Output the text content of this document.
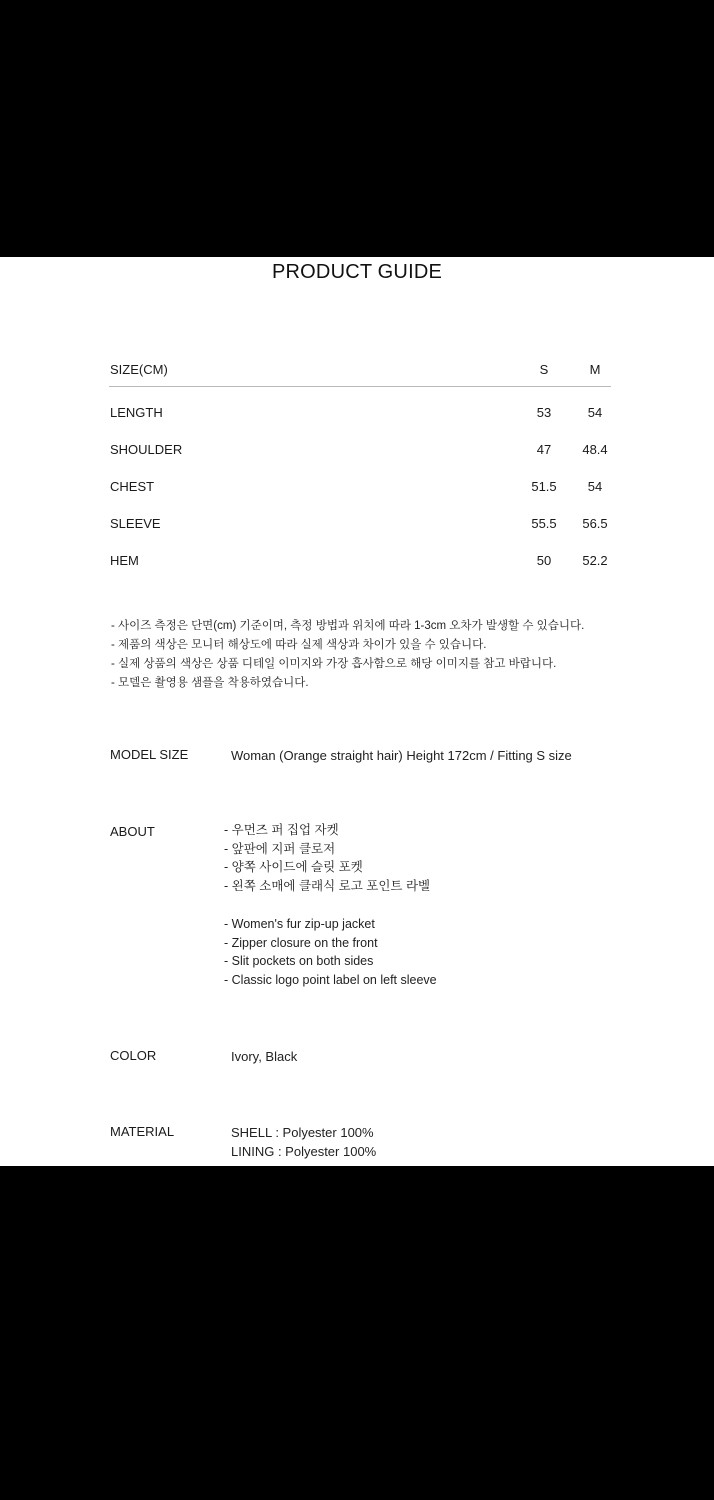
PRODUCT GUIDE
SIZE(CM)	S	M
LENGTH	53	54
SHOULDER	47	48.4
CHEST	51.5	54
SLEEVE	55.5	56.5
HEM	50	52.2
- 사이즈 측정은 단면(cm) 기준이며, 측정 방법과 위치에 따라 1-3cm 오차가 발생할 수 있습니다.
- 제품의 색상은 모니터 해상도에 따라 실제 색상과 차이가 있을 수 있습니다.
- 실제 상품의 색상은 상품 디테일 이미지와 가장 흡사함으로 해당 이미지를 참고 바랍니다.
- 모델은 촬영용 샘플을 착용하였습니다.
MODEL SIZE	Woman (Orange straight hair) Height 172cm / Fitting S size
ABOUT	- 우먼즈 퍼 집업 자켓
- 앞판에 지퍼 클로저
- 양쪽 사이드에 슬릿 포켓
- 왼쪽 소매에 클래식 로고 포인트 라벨
- Women's fur zip-up jacket
- Zipper closure on the front
- Slit pockets on both sides
- Classic logo point label on left sleeve
COLOR	Ivory, Black
MATERIAL	SHELL : Polyester 100%
LINING : Polyester 100%
